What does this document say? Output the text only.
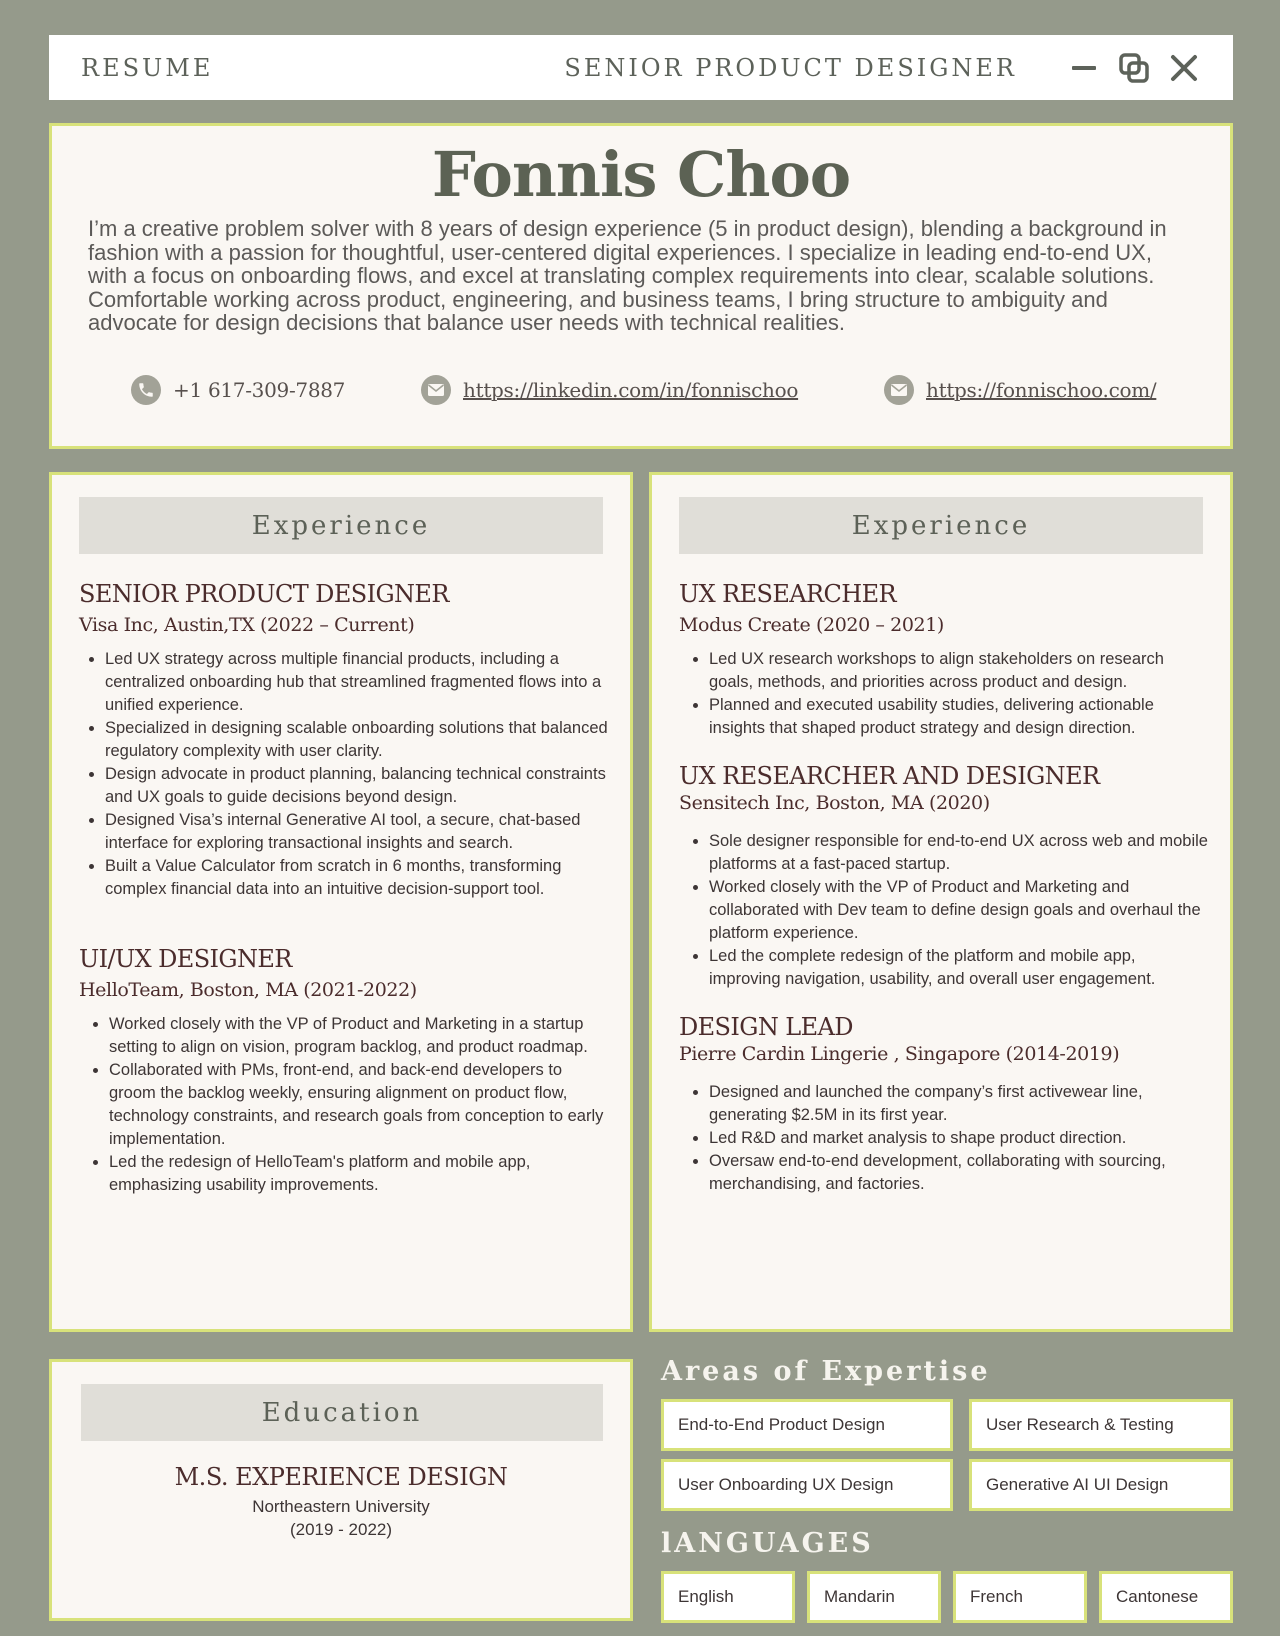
RESUME	SENIOR PRODUCT DESIGNER
Fonnis Choo
I’m a creative problem solver with 8 years of design experience (5 in product design), blending a background in fashion with a passion for thoughtful, user-centered digital experiences. I specialize in leading end-to-end UX, with a focus on onboarding flows, and excel at translating complex requirements into clear, scalable solutions. Comfortable working across product, engineering, and business teams, I bring structure to ambiguity and advocate for design decisions that balance user needs with technical realities.
+1 617-309-7887	https://linkedin.com/in/fonnischoo	https://fonnischoo.com/
Experience
SENIOR PRODUCT DESIGNER
Visa Inc, Austin,TX (2022 – Current)
• Led UX strategy across multiple financial products, including a centralized onboarding hub that streamlined fragmented flows into a unified experience.
• Specialized in designing scalable onboarding solutions that balanced regulatory complexity with user clarity.
• Design advocate in product planning, balancing technical constraints and UX goals to guide decisions beyond design.
• Designed Visa’s internal Generative AI tool, a secure, chat-based interface for exploring transactional insights and search.
• Built a Value Calculator from scratch in 6 months, transforming complex financial data into an intuitive decision-support tool.
UI/UX DESIGNER
HelloTeam, Boston, MA (2021-2022)
• Worked closely with the VP of Product and Marketing in a startup setting to align on vision, program backlog, and product roadmap.
• Collaborated with PMs, front-end, and back-end developers to groom the backlog weekly, ensuring alignment on product flow, technology constraints, and research goals from conception to early implementation.
• Led the redesign of HelloTeam's platform and mobile app, emphasizing usability improvements.
Experience
UX RESEARCHER
Modus Create (2020 – 2021)
• Led UX research workshops to align stakeholders on research goals, methods, and priorities across product and design.
• Planned and executed usability studies, delivering actionable insights that shaped product strategy and design direction.
UX RESEARCHER AND DESIGNER
Sensitech Inc, Boston, MA (2020)
• Sole designer responsible for end-to-end UX across web and mobile platforms at a fast-paced startup.
• Worked closely with the VP of Product and Marketing and collaborated with Dev team to define design goals and overhaul the platform experience.
• Led the complete redesign of the platform and mobile app, improving navigation, usability, and overall user engagement.
DESIGN LEAD
Pierre Cardin Lingerie , Singapore (2014-2019)
• Designed and launched the company’s first activewear line, generating $2.5M in its first year.
• Led R&D and market analysis to shape product direction.
• Oversaw end-to-end development, collaborating with sourcing, merchandising, and factories.
Education
M.S. EXPERIENCE DESIGN
Northeastern University
(2019 - 2022)
Areas of Expertise
End-to-End Product Design	User Research & Testing
User Onboarding UX Design	Generative AI UI Design
lANGUAGES
English	Mandarin	French	Cantonese
